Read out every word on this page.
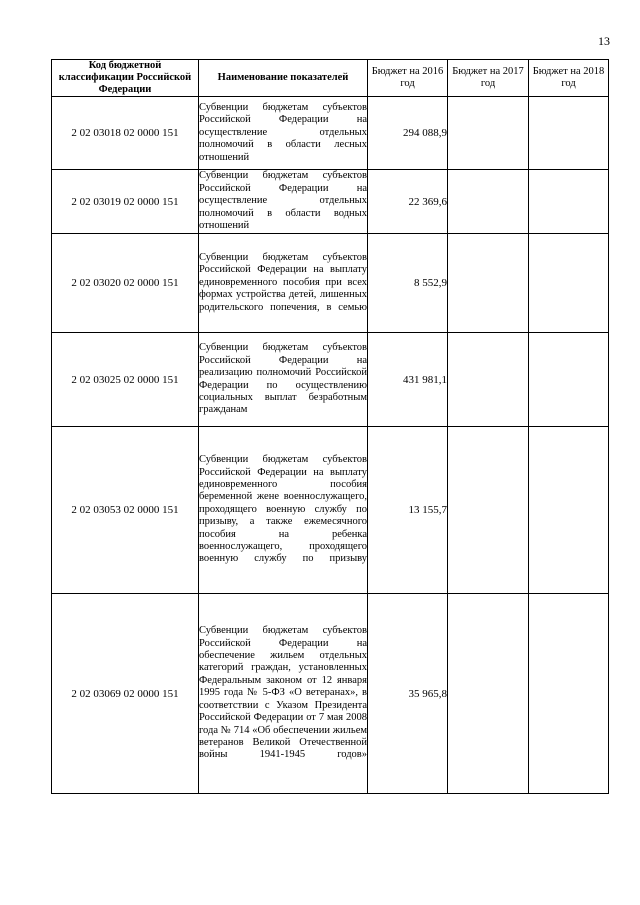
13
Код бюджетной классификации Российской Федерации	Наименование показателей	Бюджет на 2016 год	Бюджет на 2017 год	Бюджет на 2018 год
2 02 03018 02 0000 151	Субвенции бюджетам субъектов Российской Федерации на осуществление отдельных полномочий в области лесных отношений	294 088,9		
2 02 03019 02 0000 151	Субвенции бюджетам субъектов Российской Федерации на осуществление отдельных полномочий в области водных отношений	22 369,6		
2 02 03020 02 0000 151	Субвенции бюджетам субъектов Российской Федерации на выплату единовременного пособия при всех формах устройства детей, лишенных родительского попечения, в семью	8 552,9		
2 02 03025 02 0000 151	Субвенции бюджетам субъектов Российской Федерации на реализацию полномочий Российской Федерации по осуществлению социальных выплат безработным гражданам	431 981,1		
2 02 03053 02 0000 151	Субвенции бюджетам субъектов Российской Федерации на выплату единовременного пособия беременной жене военнослужащего, проходящего военную службу по призыву, а также ежемесячного пособия на ребенка военнослужащего, проходящего военную службу по призыву	13 155,7		
2 02 03069 02 0000 151	Субвенции бюджетам субъектов Российской Федерации на обеспечение жильем отдельных категорий граждан, установленных Федеральным законом от 12 января 1995 года № 5-ФЗ «О ветеранах», в соответствии с Указом Президента Российской Федерации от 7 мая 2008 года № 714 «Об обеспечении жильем ветеранов Великой Отечественной войны 1941-1945 годов»	35 965,8		
